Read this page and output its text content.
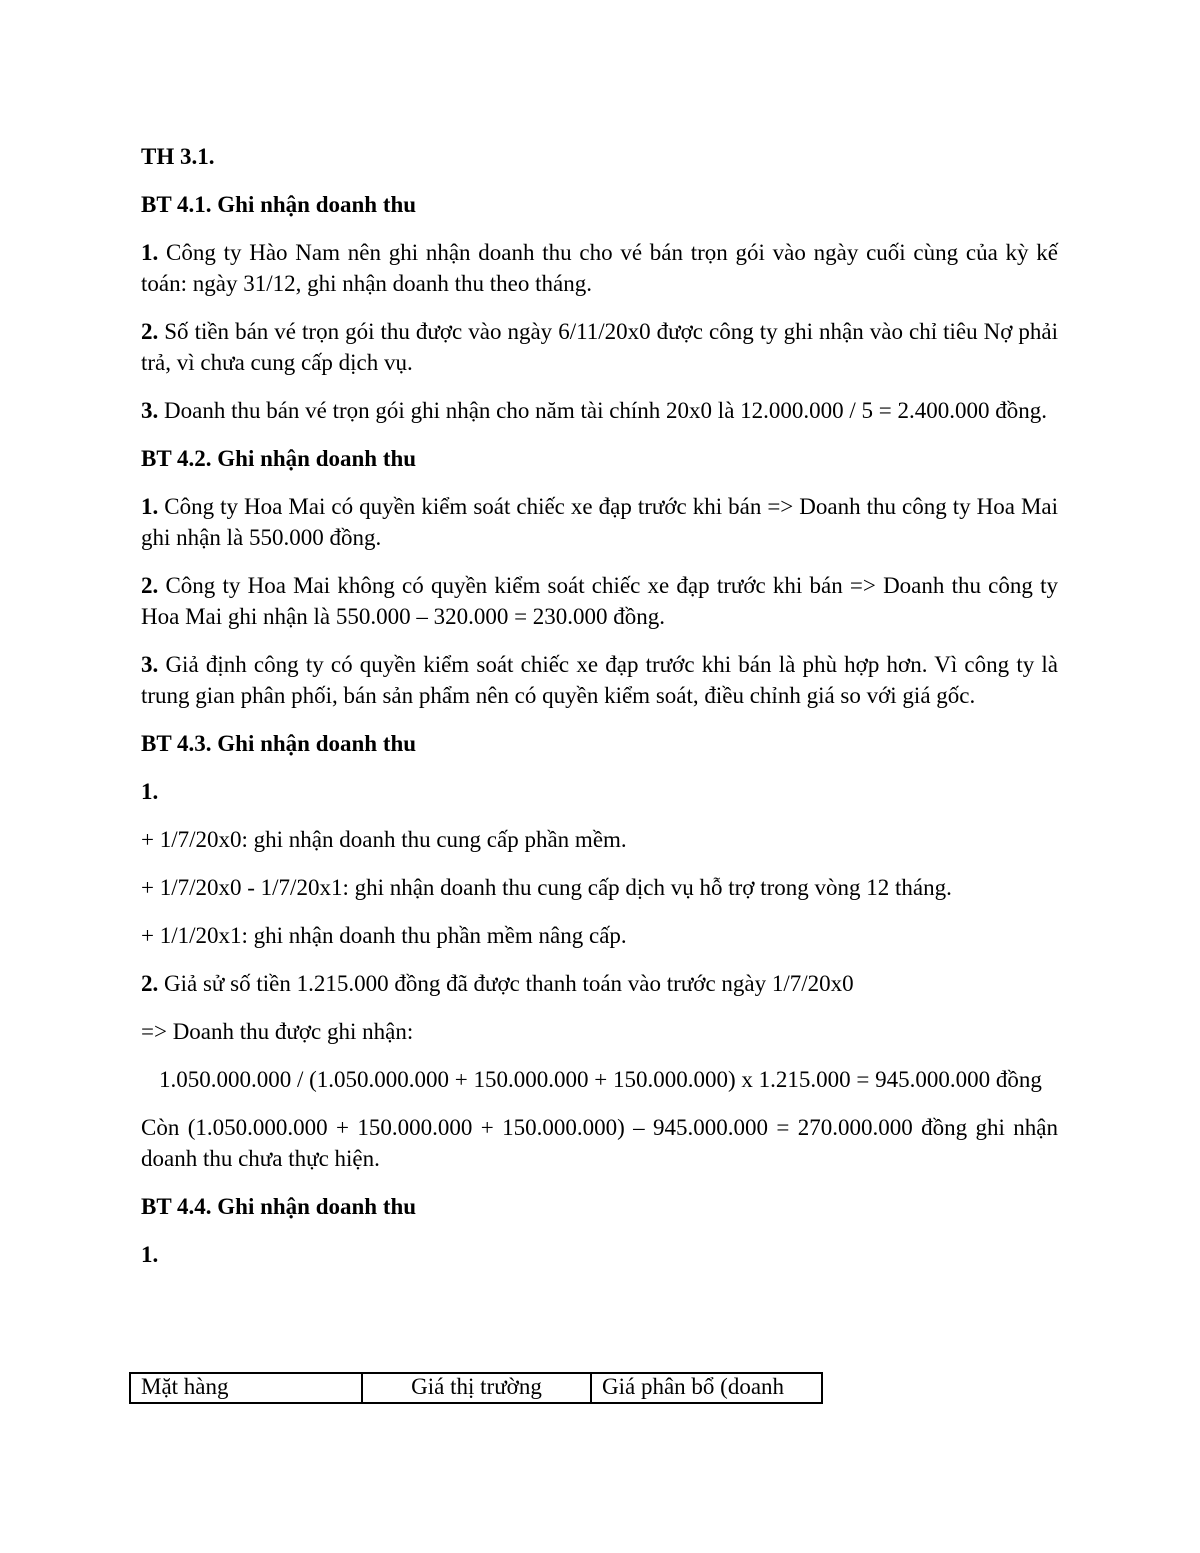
TH 3.1.

BT 4.1. Ghi nhận doanh thu

1. Công ty Hào Nam nên ghi nhận doanh thu cho vé bán trọn gói vào ngày cuối cùng của kỳ kế toán: ngày 31/12, ghi nhận doanh thu theo tháng.

2. Số tiền bán vé trọn gói thu được vào ngày 6/11/20x0 được công ty ghi nhận vào chỉ tiêu Nợ phải trả, vì chưa cung cấp dịch vụ.

3. Doanh thu bán vé trọn gói ghi nhận cho năm tài chính 20x0 là 12.000.000 / 5 = 2.400.000 đồng.

BT 4.2. Ghi nhận doanh thu

1. Công ty Hoa Mai có quyền kiểm soát chiếc xe đạp trước khi bán => Doanh thu công ty Hoa Mai ghi nhận là 550.000 đồng.

2. Công ty Hoa Mai không có quyền kiểm soát chiếc xe đạp trước khi bán => Doanh thu công ty Hoa Mai ghi nhận là 550.000 – 320.000 = 230.000 đồng.

3. Giả định công ty có quyền kiểm soát chiếc xe đạp trước khi bán là phù hợp hơn. Vì công ty là trung gian phân phối, bán sản phẩm nên có quyền kiểm soát, điều chỉnh giá so với giá gốc.

BT 4.3. Ghi nhận doanh thu

1.

+ 1/7/20x0: ghi nhận doanh thu cung cấp phần mềm.

+ 1/7/20x0 - 1/7/20x1: ghi nhận doanh thu cung cấp dịch vụ hỗ trợ trong vòng 12 tháng.

+ 1/1/20x1: ghi nhận doanh thu phần mềm nâng cấp.

2. Giả sử số tiền 1.215.000 đồng đã được thanh toán vào trước ngày 1/7/20x0

=> Doanh thu được ghi nhận:

1.050.000.000 / (1.050.000.000 + 150.000.000 + 150.000.000) x 1.215.000 = 945.000.000 đồng

Còn (1.050.000.000 + 150.000.000 + 150.000.000) – 945.000.000 = 270.000.000 đồng ghi nhận doanh thu chưa thực hiện.

BT 4.4. Ghi nhận doanh thu

1.

Mặt hàng	Giá thị trường	Giá phân bổ (doanh
